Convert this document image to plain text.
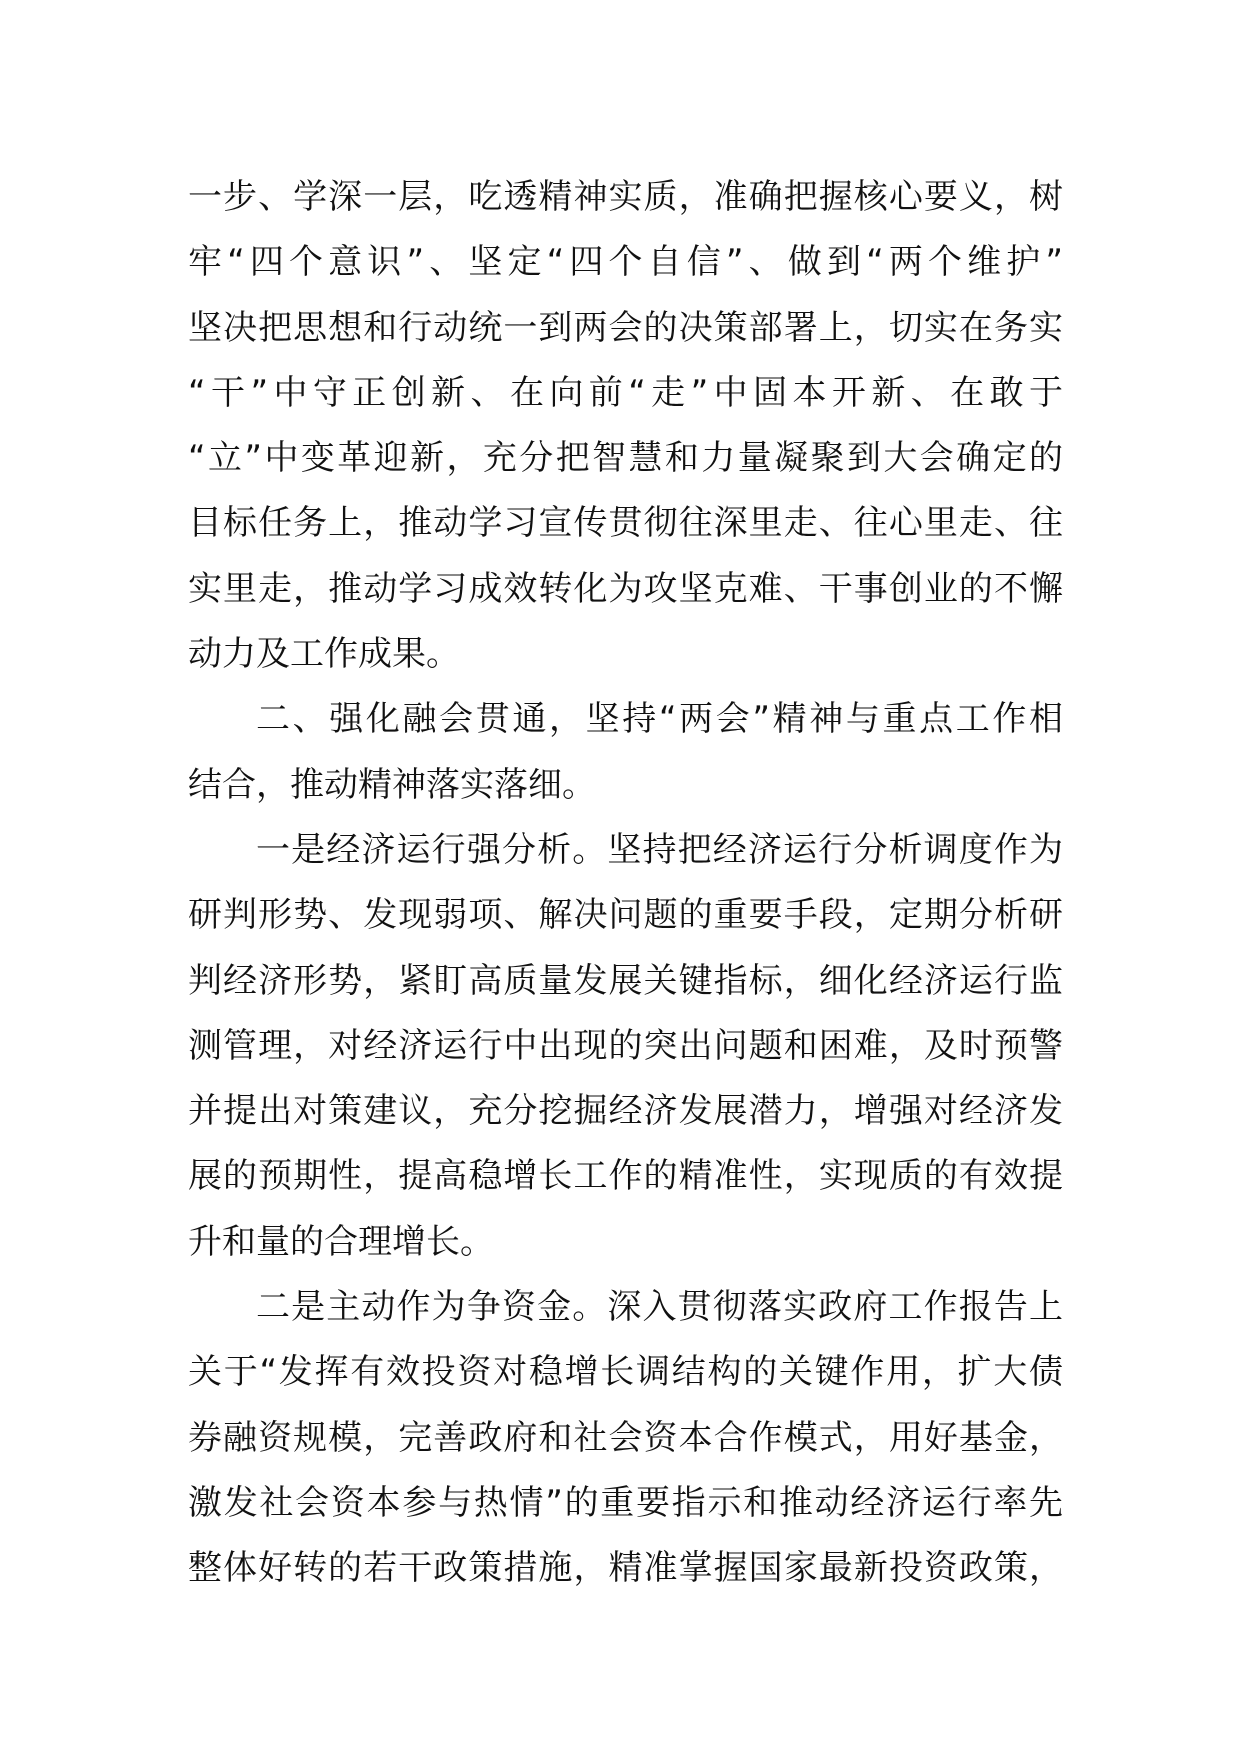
一步、学深一层，吃透精神实质，准确把握核心要义，树
牢“四个意识”、坚定“四个自信”、做到“两个维护”
坚决把思想和行动统一到两会的决策部署上，切实在务实
“干”中守正创新、在向前“走”中固本开新、在敢于
“立”中变革迎新，充分把智慧和力量凝聚到大会确定的
目标任务上，推动学习宣传贯彻往深里走、往心里走、往
实里走，推动学习成效转化为攻坚克难、干事创业的不懈
动力及工作成果。
二、强化融会贯通，坚持“两会”精神与重点工作相
结合，推动精神落实落细。
一是经济运行强分析。坚持把经济运行分析调度作为
研判形势、发现弱项、解决问题的重要手段，定期分析研
判经济形势，紧盯高质量发展关键指标，细化经济运行监
测管理，对经济运行中出现的突出问题和困难，及时预警
并提出对策建议，充分挖掘经济发展潜力，增强对经济发
展的预期性，提高稳增长工作的精准性，实现质的有效提
升和量的合理增长。
二是主动作为争资金。深入贯彻落实政府工作报告上
关于“发挥有效投资对稳增长调结构的关键作用，扩大债
券融资规模，完善政府和社会资本合作模式，用好基金，
激发社会资本参与热情”的重要指示和推动经济运行率先
整体好转的若干政策措施，精准掌握国家最新投资政策，
